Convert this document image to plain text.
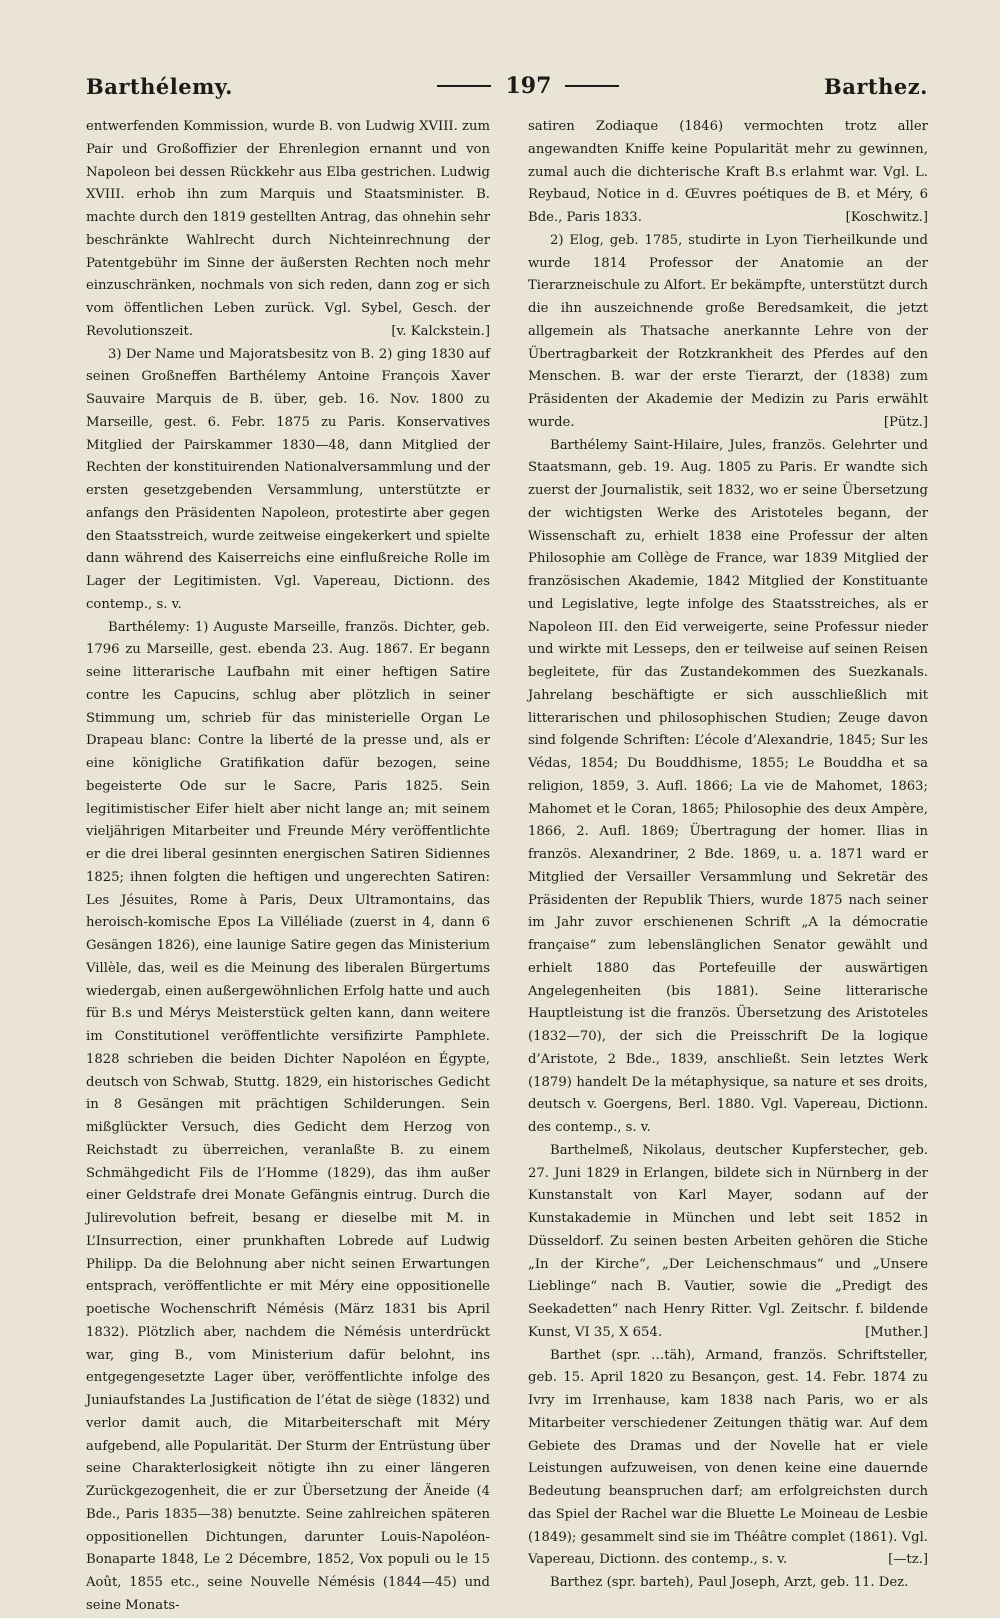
Barthélemy.	197	Barthez.

entwerfenden Kommission, wurde B. von Ludwig XVIII. zum Pair und Großoffizier der Ehrenlegion ernannt und von Napoleon bei dessen Rückkehr aus Elba gestrichen. Ludwig XVIII. erhob ihn zum Marquis und Staatsminister. B. machte durch den 1819 gestellten Antrag, das ohnehin sehr beschränkte Wahlrecht durch Nichteinrechnung der Patentgebühr im Sinne der äußersten Rechten noch mehr einzuschränken, nochmals von sich reden, dann zog er sich vom öffentlichen Leben zurück. Vgl. Sybel, Gesch. der Revolutionszeit.	[v. Kalckstein.]

3) Der Name und Majoratsbesitz von B. 2) ging 1830 auf seinen Großneffen Barthélemy Antoine François Xaver Sauvaire Marquis de B. über, geb. 16. Nov. 1800 zu Marseille, gest. 6. Febr. 1875 zu Paris. Konservatives Mitglied der Pairskammer 1830—48, dann Mitglied der Rechten der konstituirenden Nationalversammlung und der ersten gesetzgebenden Versammlung, unterstützte er anfangs den Präsidenten Napoleon, protestirte aber gegen den Staatsstreich, wurde zeitweise eingekerkert und spielte dann während des Kaiserreichs eine einflußreiche Rolle im Lager der Legitimisten. Vgl. Vapereau, Dictionn. des contemp., s. v.

Barthélemy: 1) Auguste Marseille, französ. Dichter, geb. 1796 zu Marseille, gest. ebenda 23. Aug. 1867. Er begann seine litterarische Laufbahn mit einer heftigen Satire contre les Capucins, schlug aber plötzlich in seiner Stimmung um, schrieb für das ministerielle Organ Le Drapeau blanc: Contre la liberté de la presse und, als er eine königliche Gratifikation dafür bezogen, seine begeisterte Ode sur le Sacre, Paris 1825. Sein legitimistischer Eifer hielt aber nicht lange an; mit seinem vieljährigen Mitarbeiter und Freunde Méry veröffentlichte er die drei liberal gesinnten energischen Satiren Sidiennes 1825; ihnen folgten die heftigen und ungerechten Satiren: Les Jésuites, Rome à Paris, Deux Ultramontains, das heroisch-komische Epos La Villéliade (zuerst in 4, dann 6 Gesängen 1826), eine launige Satire gegen das Ministerium Villèle, das, weil es die Meinung des liberalen Bürgertums wiedergab, einen außergewöhnlichen Erfolg hatte und auch für B.s und Mérys Meisterstück gelten kann, dann weitere im Constitutionel veröffentlichte versifizirte Pamphlete. 1828 schrieben die beiden Dichter Napoléon en Égypte, deutsch von Schwab, Stuttg. 1829, ein historisches Gedicht in 8 Gesängen mit prächtigen Schilderungen. Sein mißglückter Versuch, dies Gedicht dem Herzog von Reichstadt zu überreichen, veranlaßte B. zu einem Schmähgedicht Fils de l’Homme (1829), das ihm außer einer Geldstrafe drei Monate Gefängnis eintrug. Durch die Julirevolution befreit, besang er dieselbe mit M. in L’Insurrection, einer prunkhaften Lobrede auf Ludwig Philipp. Da die Belohnung aber nicht seinen Erwartungen entsprach, veröffentlichte er mit Méry eine oppositionelle poetische Wochenschrift Némésis (März 1831 bis April 1832). Plötzlich aber, nachdem die Némésis unterdrückt war, ging B., vom Ministerium dafür belohnt, ins entgegengesetzte Lager über, veröffentlichte infolge des Juniaufstandes La Justification de l’état de siège (1832) und verlor damit auch, die Mitarbeiterschaft mit Méry aufgebend, alle Popularität. Der Sturm der Entrüstung über seine Charakterlosigkeit nötigte ihn zu einer längeren Zurückgezogenheit, die er zur Übersetzung der Äneide (4 Bde., Paris 1835—38) benutzte. Seine zahlreichen späteren oppositionellen Dichtungen, darunter Louis-Napoléon-Bonaparte 1848, Le 2 Décembre, 1852, Vox populi ou le 15 Août, 1855 etc., seine Nouvelle Némésis (1844—45) und seine Monats-

satiren Zodiaque (1846) vermochten trotz aller angewandten Kniffe keine Popularität mehr zu gewinnen, zumal auch die dichterische Kraft B.s erlahmt war. Vgl. L. Reybaud, Notice in d. Œuvres poétiques de B. et Méry, 6 Bde., Paris 1833.	[Koschwitz.]

2) Elog, geb. 1785, studirte in Lyon Tierheilkunde und wurde 1814 Professor der Anatomie an der Tierarzneischule zu Alfort. Er bekämpfte, unterstützt durch die ihn auszeichnende große Beredsamkeit, die jetzt allgemein als Thatsache anerkannte Lehre von der Übertragbarkeit der Rotzkrankheit des Pferdes auf den Menschen. B. war der erste Tierarzt, der (1838) zum Präsidenten der Akademie der Medizin zu Paris erwählt wurde.	[Pütz.]

Barthélemy Saint-Hilaire, Jules, französ. Gelehrter und Staatsmann, geb. 19. Aug. 1805 zu Paris. Er wandte sich zuerst der Journalistik, seit 1832, wo er seine Übersetzung der wichtigsten Werke des Aristoteles begann, der Wissenschaft zu, erhielt 1838 eine Professur der alten Philosophie am Collège de France, war 1839 Mitglied der französischen Akademie, 1842 Mitglied der Konstituante und Legislative, legte infolge des Staatsstreiches, als er Napoleon III. den Eid verweigerte, seine Professur nieder und wirkte mit Lesseps, den er teilweise auf seinen Reisen begleitete, für das Zustandekommen des Suezkanals. Jahrelang beschäftigte er sich ausschließlich mit litterarischen und philosophischen Studien; Zeuge davon sind folgende Schriften: L’école d’Alexandrie, 1845; Sur les Védas, 1854; Du Bouddhisme, 1855; Le Bouddha et sa religion, 1859, 3. Aufl. 1866; La vie de Mahomet, 1863; Mahomet et le Coran, 1865; Philosophie des deux Ampère, 1866, 2. Aufl. 1869; Übertragung der homer. Ilias in französ. Alexandriner, 2 Bde. 1869, u. a. 1871 ward er Mitglied der Versailler Versammlung und Sekretär des Präsidenten der Republik Thiers, wurde 1875 nach seiner im Jahr zuvor erschienenen Schrift „A la démocratie française“ zum lebenslänglichen Senator gewählt und erhielt 1880 das Portefeuille der auswärtigen Angelegenheiten (bis 1881). Seine litterarische Hauptleistung ist die französ. Übersetzung des Aristoteles (1832—70), der sich die Preisschrift De la logique d’Aristote, 2 Bde., 1839, anschließt. Sein letztes Werk (1879) handelt De la métaphysique, sa nature et ses droits, deutsch v. Goergens, Berl. 1880. Vgl. Vapereau, Dictionn. des contemp., s. v.

Barthelmeß, Nikolaus, deutscher Kupferstecher, geb. 27. Juni 1829 in Erlangen, bildete sich in Nürnberg in der Kunstanstalt von Karl Mayer, sodann auf der Kunstakademie in München und lebt seit 1852 in Düsseldorf. Zu seinen besten Arbeiten gehören die Stiche „In der Kirche“, „Der Leichenschmaus“ und „Unsere Lieblinge“ nach B. Vautier, sowie die „Predigt des Seekadetten“ nach Henry Ritter. Vgl. Zeitschr. f. bildende Kunst, VI 35, X 654.	[Muther.]

Barthet (spr. …täh), Armand, französ. Schriftsteller, geb. 15. April 1820 zu Besançon, gest. 14. Febr. 1874 zu Ivry im Irrenhause, kam 1838 nach Paris, wo er als Mitarbeiter verschiedener Zeitungen thätig war. Auf dem Gebiete des Dramas und der Novelle hat er viele Leistungen aufzuweisen, von denen keine eine dauernde Bedeutung beanspruchen darf; am erfolgreichsten durch das Spiel der Rachel war die Bluette Le Moineau de Lesbie (1849); gesammelt sind sie im Théâtre complet (1861). Vgl. Vapereau, Dictionn. des contemp., s. v.	[—tz.]

Barthez (spr. barteh), Paul Joseph, Arzt, geb. 11. Dez.
